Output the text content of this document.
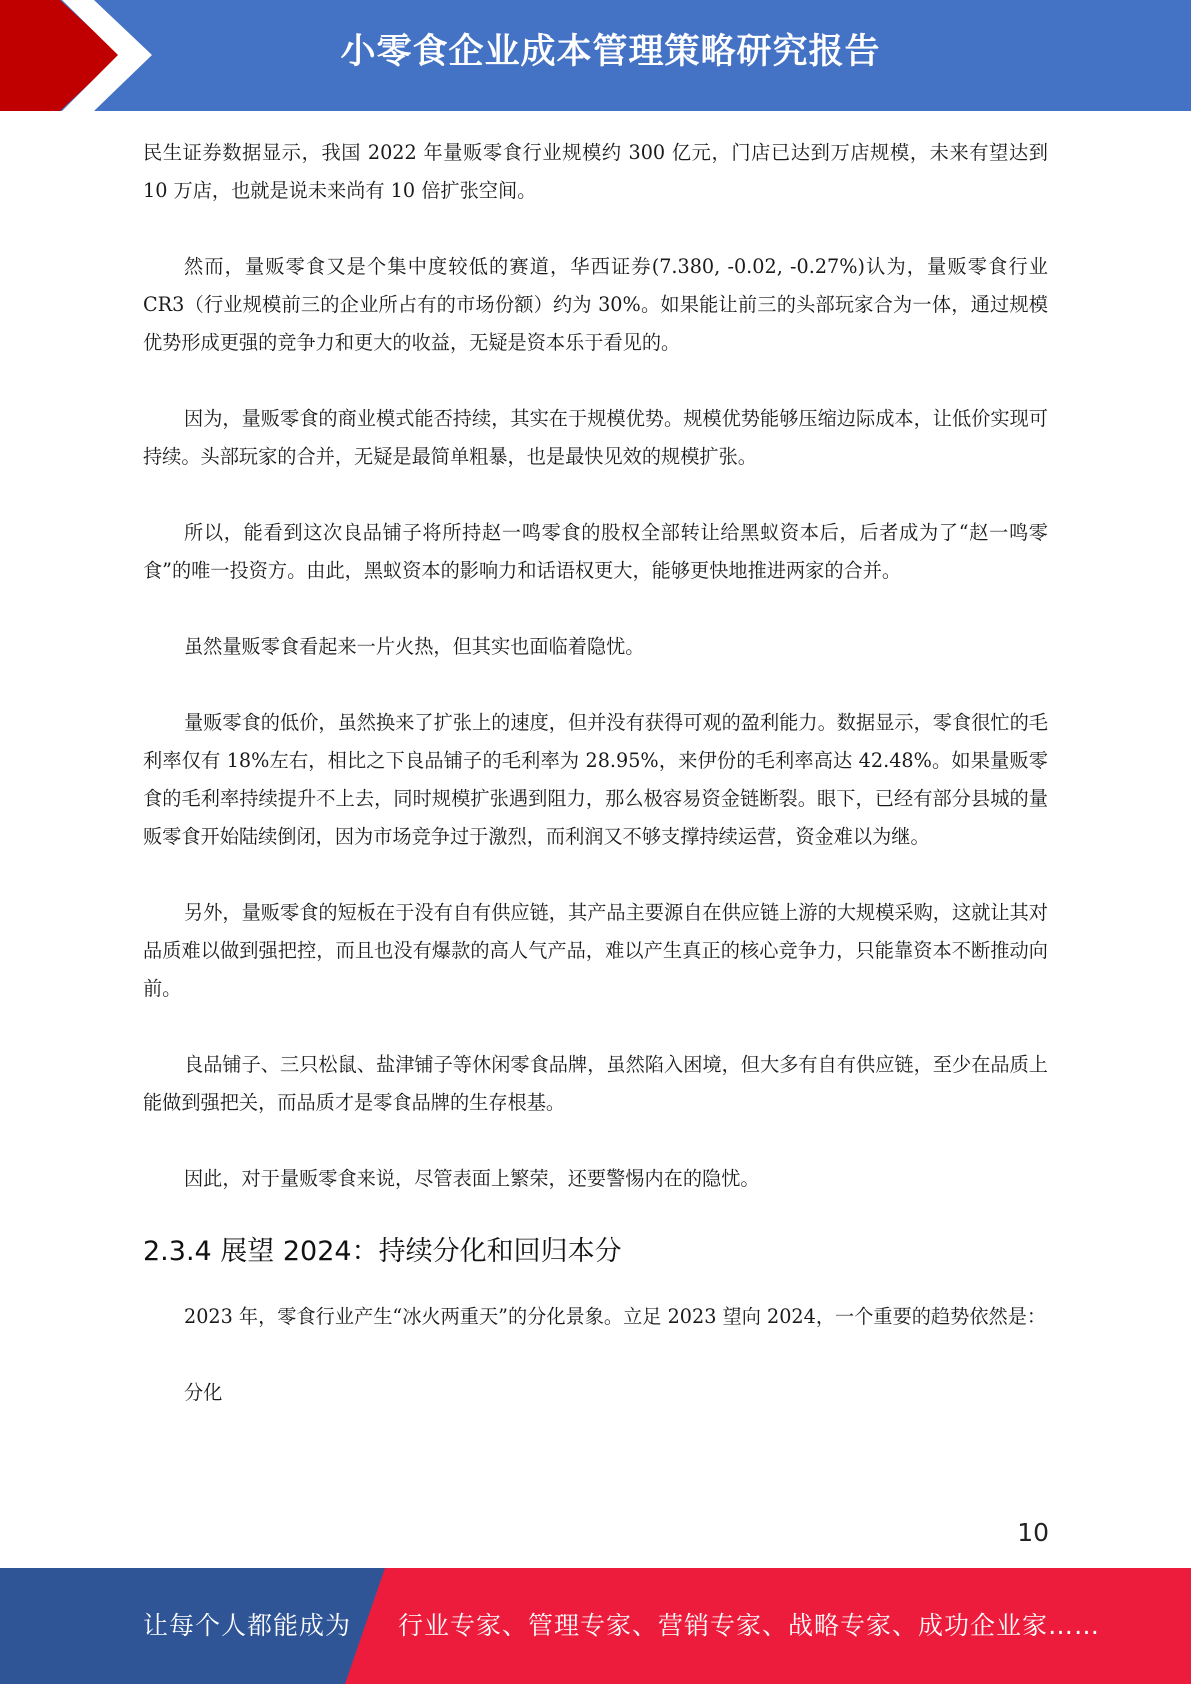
小零食企业成本管理策略研究报告

民生证券数据显示，我国 2022 年量贩零食行业规模约 300 亿元，门店已达到万店规模，未来有望达到 10 万店，也就是说未来尚有 10 倍扩张空间。

然而，量贩零食又是个集中度较低的赛道，华西证券(7.380, -0.02, -0.27%)认为，量贩零食行业 CR3（行业规模前三的企业所占有的市场份额）约为 30%。如果能让前三的头部玩家合为一体，通过规模优势形成更强的竞争力和更大的收益，无疑是资本乐于看见的。

因为，量贩零食的商业模式能否持续，其实在于规模优势。规模优势能够压缩边际成本，让低价实现可持续。头部玩家的合并，无疑是最简单粗暴，也是最快见效的规模扩张。

所以，能看到这次良品铺子将所持赵一鸣零食的股权全部转让给黑蚁资本后，后者成为了“赵一鸣零食”的唯一投资方。由此，黑蚁资本的影响力和话语权更大，能够更快地推进两家的合并。

虽然量贩零食看起来一片火热，但其实也面临着隐忧。

量贩零食的低价，虽然换来了扩张上的速度，但并没有获得可观的盈利能力。数据显示，零食很忙的毛利率仅有 18%左右，相比之下良品铺子的毛利率为 28.95%，来伊份的毛利率高达 42.48%。如果量贩零食的毛利率持续提升不上去，同时规模扩张遇到阻力，那么极容易资金链断裂。眼下，已经有部分县城的量贩零食开始陆续倒闭，因为市场竞争过于激烈，而利润又不够支撑持续运营，资金难以为继。

另外，量贩零食的短板在于没有自有供应链，其产品主要源自在供应链上游的大规模采购，这就让其对品质难以做到强把控，而且也没有爆款的高人气产品，难以产生真正的核心竞争力，只能靠资本不断推动向前。

良品铺子、三只松鼠、盐津铺子等休闲零食品牌，虽然陷入困境，但大多有自有供应链，至少在品质上能做到强把关，而品质才是零食品牌的生存根基。

因此，对于量贩零食来说，尽管表面上繁荣，还要警惕内在的隐忧。

2.3.4 展望 2024：持续分化和回归本分

2023 年，零食行业产生“冰火两重天”的分化景象。立足 2023 望向 2024，一个重要的趋势依然是：

分化

10
让每个人都能成为 行业专家、管理专家、营销专家、战略专家、成功企业家……
